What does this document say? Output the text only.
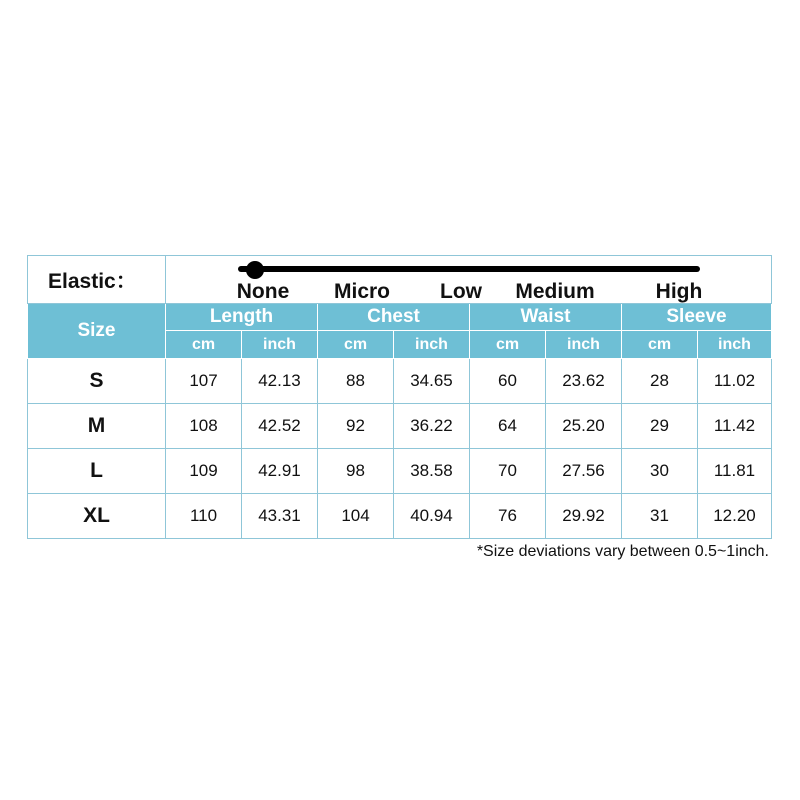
Elastic：	None Micro Low Medium High							

Size	Length		Chest		Waist		Sleeve	
	cm	inch	cm	inch	cm	inch	cm	inch
S	107	42.13	88	34.65	60	23.62	28	11.02
M	108	42.52	92	36.22	64	25.20	29	11.42
L	109	42.91	98	38.58	70	27.56	30	11.81
XL	110	43.31	104	40.94	76	29.92	31	12.20
*Size deviations vary between 0.5~1inch.
